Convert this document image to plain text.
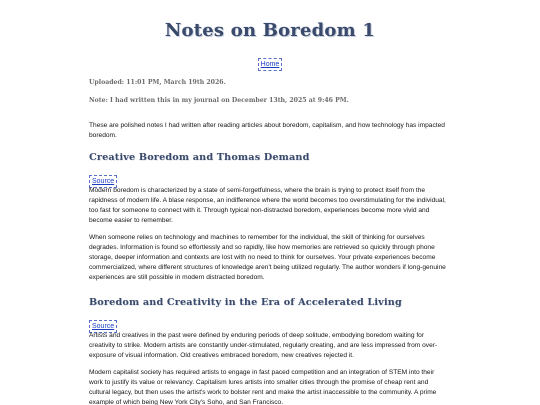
Notes on Boredom 1
Home
Uploaded: 11:01 PM, March 19th 2026.
Note: I had written this in my journal on December 13th, 2025 at 9:46 PM.

These are polished notes I had written after reading articles about boredom, capitalism, and how technology has impacted boredom.

Creative Boredom and Thomas Demand
Source

Modern boredom is characterized by a state of semi-forgetfulness, where the brain is trying to protect itself from the rapidness of modern life. A blase response, an indifference where the world becomes too overstimulating for the individual, too fast for someone to connect with it. Through typical non-distracted boredom, experiences become more vivid and become easier to remember.

When someone relies on technology and machines to remember for the individual, the skill of thinking for ourselves degrades. Information is found so effortlessly and so rapidly, like how memories are retrieved so quickly through phone storage, deeper information and contexts are lost with no need to think for ourselves. Your private experiences become commercialized, where different structures of knowledge aren't being utilized regularly. The author wonders if long-genuine experiences are still possible in modern distracted boredom.

Boredom and Creativity in the Era of Accelerated Living
Source

Artists and creatives in the past were defined by enduring periods of deep solitude, embodying boredom waiting for creativity to strike. Modern artists are constantly under-stimulated, regularly creating, and are less impressed from over-exposure of visual information. Old creatives embraced boredom, new creatives rejected it.

Modern capitalist society has required artists to engage in fast paced competition and an integration of STEM into their work to justify its value or relevancy. Capitalism lures artists into smaller cities through the promise of cheap rent and cultural legacy, but then uses the artist's work to bolster rent and make the artist inaccessible to the community. A prime example of which being New York City's Soho, and San Francisco.
